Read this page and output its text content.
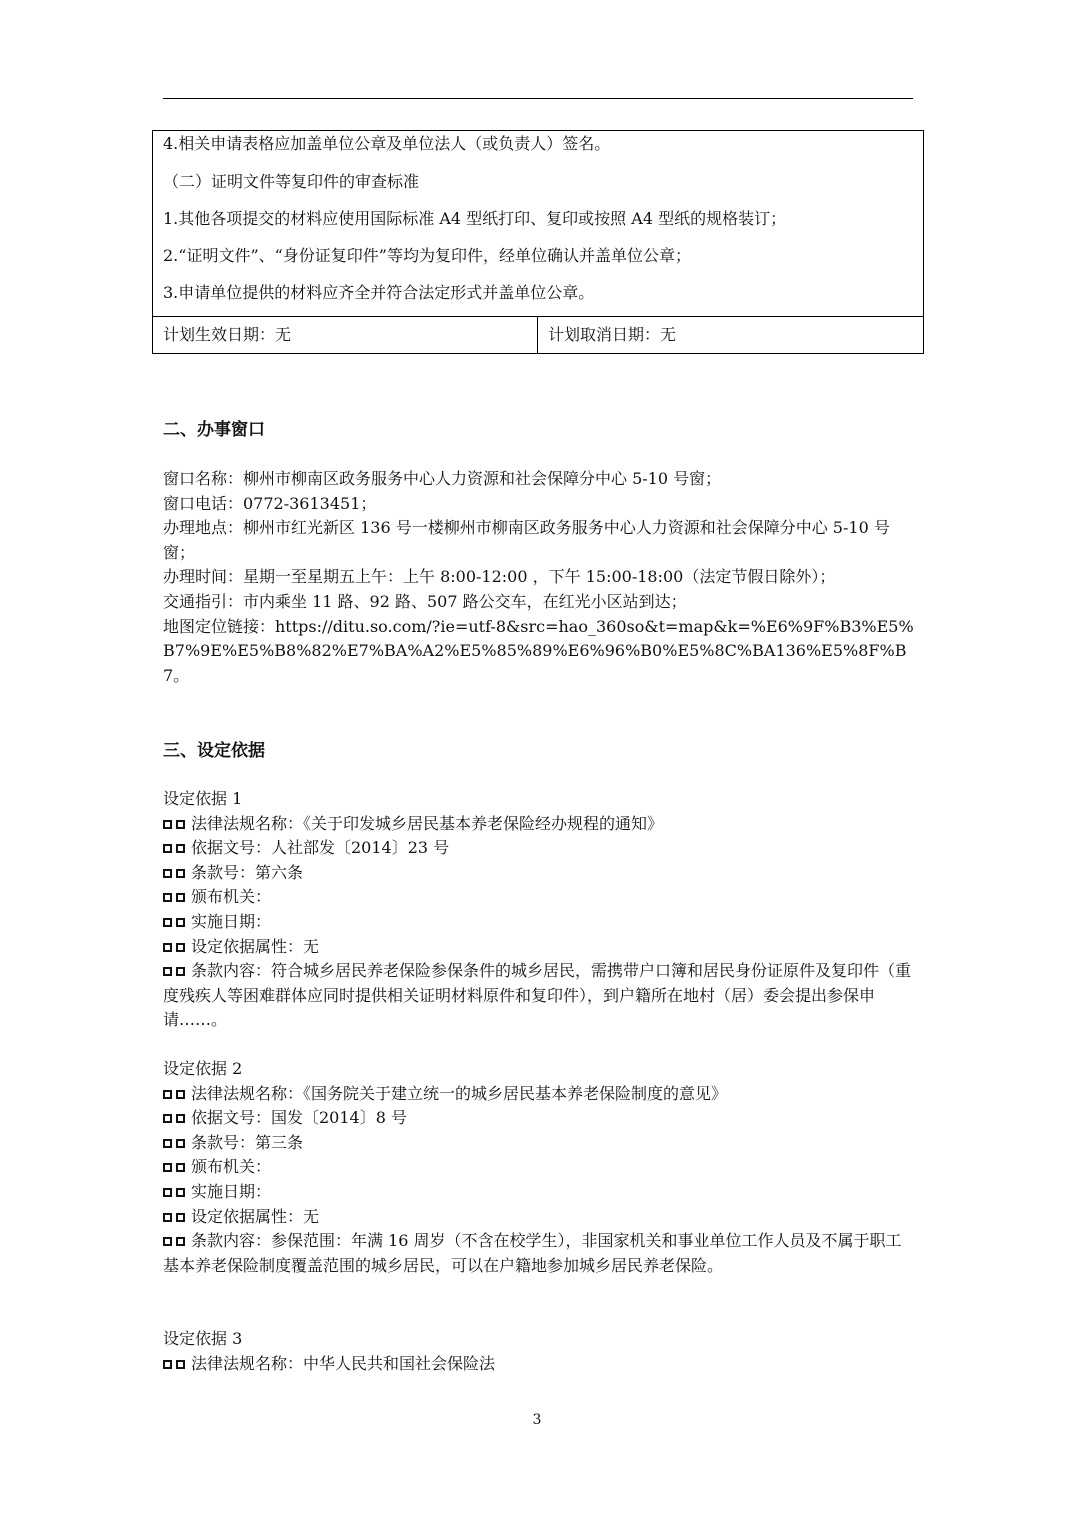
4.相关申请表格应加盖单位公章及单位法人（或负责人）签名。
（二）证明文件等复印件的审查标准
1.其他各项提交的材料应使用国际标准 A4 型纸打印、复印或按照 A4 型纸的规格装订；
2.“证明文件”、“身份证复印件”等均为复印件，经单位确认并盖单位公章；
3.申请单位提供的材料应齐全并符合法定形式并盖单位公章。

计划生效日期：无	计划取消日期：无
二、办事窗口

窗口名称：柳州市柳南区政务服务中心人力资源和社会保障分中心 5-10 号窗；

窗口电话：0772-3613451；

办理地点：柳州市红光新区 136 号一楼柳州市柳南区政务服务中心人力资源和社会保障分中心 5-10 号窗；

办理时间：星期一至星期五上午：上午 8:00-12:00 ，下午 15:00-18:00（法定节假日除外）；

交通指引：市内乘坐 11 路、92 路、507 路公交车，在红光小区站到达；

地图定位链接：https://ditu.so.com/?ie=utf-8&src=hao_360so&t=map&k=%E6%9F%B3%E5%B7%9E%E5%B8%82%E7%BA%A2%E5%85%89%E6%96%B0%E5%8C%BA136%E5%8F%B7。

三、设定依据

设定依据 1

法律法规名称：《关于印发城乡居民基本养老保险经办规程的通知》
依据文号：人社部发〔2014〕23 号
条款号：第六条
颁布机关：
实施日期：
设定依据属性：无
条款内容：符合城乡居民养老保险参保条件的城乡居民，需携带户口簿和居民身份证原件及复印件（重度残疾人等困难群体应同时提供相关证明材料原件和复印件），到户籍所在地村（居）委会提出参保申请……。

设定依据 2

法律法规名称：《国务院关于建立统一的城乡居民基本养老保险制度的意见》
依据文号：国发〔2014〕8 号
条款号：第三条
颁布机关：
实施日期：
设定依据属性：无
条款内容：参保范围：年满 16 周岁（不含在校学生），非国家机关和事业单位工作人员及不属于职工基本养老保险制度覆盖范围的城乡居民，可以在户籍地参加城乡居民养老保险。

设定依据 3

法律法规名称：中华人民共和国社会保险法
3
